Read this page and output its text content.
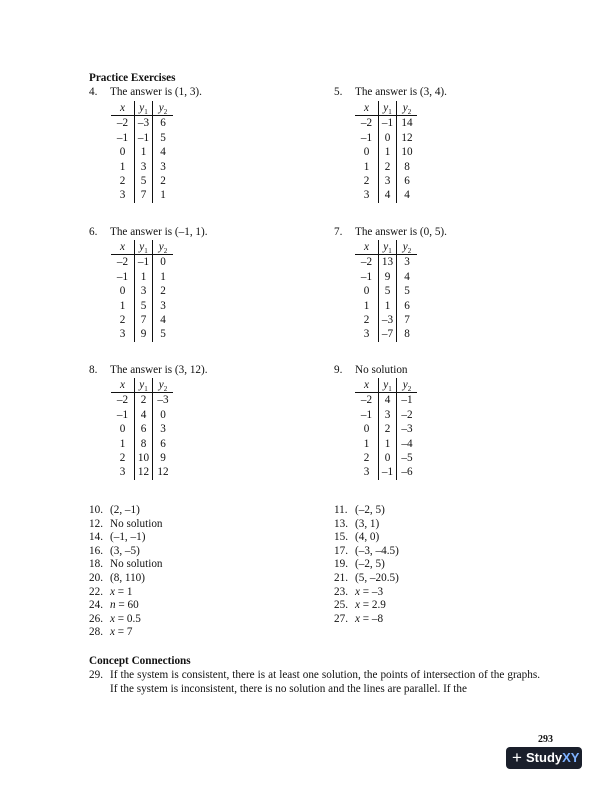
Practice Exercises
4.	The answer is (1, 3).	5.	The answer is (3, 4).
6.	The answer is (–1, 1).	7.	The answer is (0, 5).
8.	The answer is (3, 12).	9.	No solution
x	$y_1$	$y_2$
–2	–3	6
–1	–1	5
0	1	4
1	3	3
2	5	2
3	7	1
x	$y_1$	$y_2$
–2	–1	14
–1	0	12
0	1	10
1	2	8
2	3	6
3	4	4
x	$y_1$	$y_2$
–2	–1	0
–1	1	1
0	3	2
1	5	3
2	7	4
3	9	5
x	$y_1$	$y_2$
–2	13	3
–1	9	4
0	5	5
1	1	6
2	–3	7
3	–7	8
x	$y_1$	$y_2$
–2	2	–3
–1	4	0
0	6	3
1	8	6
2	10	9
3	12	12
x	$y_1$	$y_2$
–2	4	–1
–1	3	–2
0	2	–3
1	1	–4
2	0	–5
3	–1	–6
10. (2, –1)
12. No solution
14. (–1, –1)
16. (3, –5)
18. No solution
20. (8, 110)
22. x = 1
24. n = 60
26. x = 0.5
28. x = 7
11. (–2, 5)
13. (3, 1)
15. (4, 0)
17. (–3, –4.5)
19. (–2, 5)
21. (5, –20.5)
23. x = –3
25. x = 2.9
27. x = –8
Concept Connections
29. If the system is consistent, there is at least one solution, the points of intersection of the graphs. If the system is inconsistent, there is no solution and the lines are parallel. If the
293
+ StudyXY
